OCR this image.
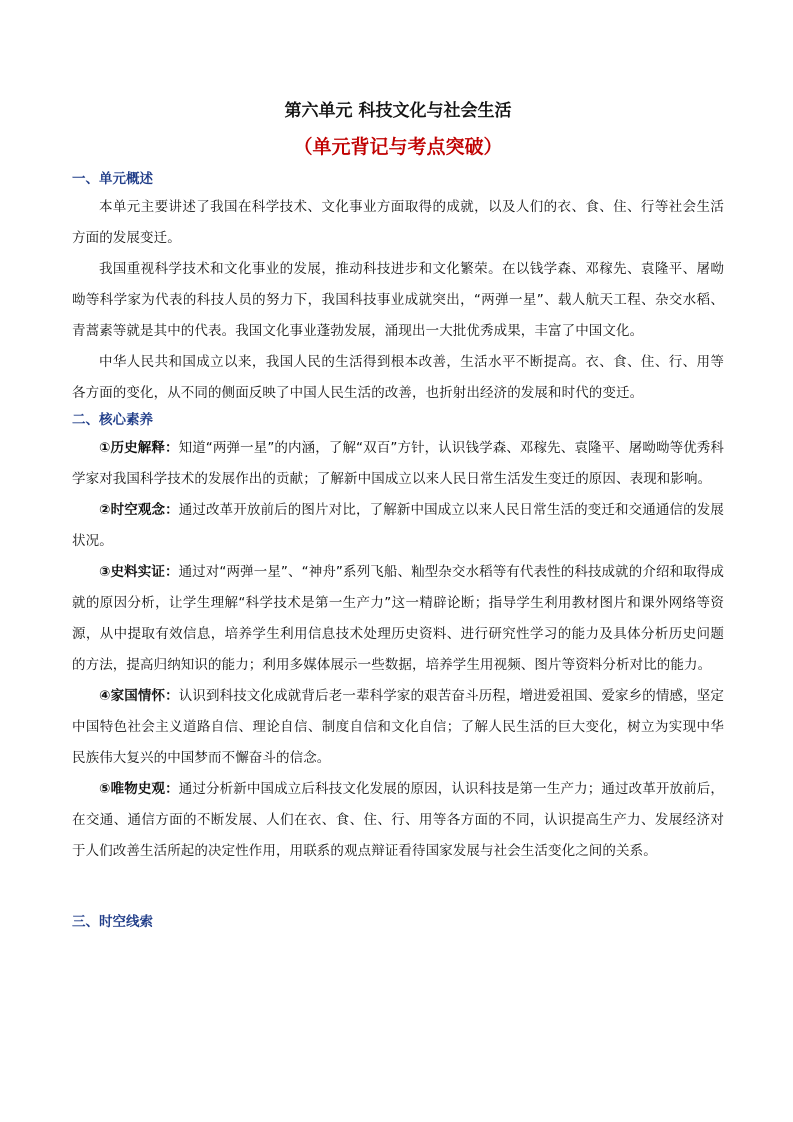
第六单元 科技文化与社会生活
（单元背记与考点突破）
一、单元概述

本单元主要讲述了我国在科学技术、文化事业方面取得的成就，以及人们的衣、食、住、行等社会生活方面的发展变迁。

我国重视科学技术和文化事业的发展，推动科技进步和文化繁荣。在以钱学森、邓稼先、袁隆平、屠呦呦等科学家为代表的科技人员的努力下，我国科技事业成就突出，“两弹一星”、载人航天工程、杂交水稻、青蒿素等就是其中的代表。我国文化事业蓬勃发展，涌现出一大批优秀成果，丰富了中国文化。

中华人民共和国成立以来，我国人民的生活得到根本改善，生活水平不断提高。衣、食、住、行、用等各方面的变化，从不同的侧面反映了中国人民生活的改善，也折射出经济的发展和时代的变迁。

二、核心素养

①历史解释：知道“两弹一星”的内涵，了解“双百”方针，认识钱学森、邓稼先、袁隆平、屠呦呦等优秀科学家对我国科学技术的发展作出的贡献；了解新中国成立以来人民日常生活发生变迁的原因、表现和影响。

②时空观念：通过改革开放前后的图片对比，了解新中国成立以来人民日常生活的变迁和交通通信的发展状况。

③史料实证：通过对“两弹一星”、“神舟”系列飞船、籼型杂交水稻等有代表性的科技成就的介绍和取得成就的原因分析，让学生理解“科学技术是第一生产力”这一精辟论断；指导学生利用教材图片和课外网络等资源，从中提取有效信息，培养学生利用信息技术处理历史资料、进行研究性学习的能力及具体分析历史问题的方法，提高归纳知识的能力；利用多媒体展示一些数据，培养学生用视频、图片等资料分析对比的能力。

④家国情怀：认识到科技文化成就背后老一辈科学家的艰苦奋斗历程，增进爱祖国、爱家乡的情感，坚定中国特色社会主义道路自信、理论自信、制度自信和文化自信；了解人民生活的巨大变化，树立为实现中华民族伟大复兴的中国梦而不懈奋斗的信念。

⑤唯物史观：通过分析新中国成立后科技文化发展的原因，认识科技是第一生产力；通过改革开放前后，在交通、通信方面的不断发展、人们在衣、食、住、行、用等各方面的不同，认识提高生产力、发展经济对于人们改善生活所起的决定性作用，用联系的观点辩证看待国家发展与社会生活变化之间的关系。

三、时空线索
